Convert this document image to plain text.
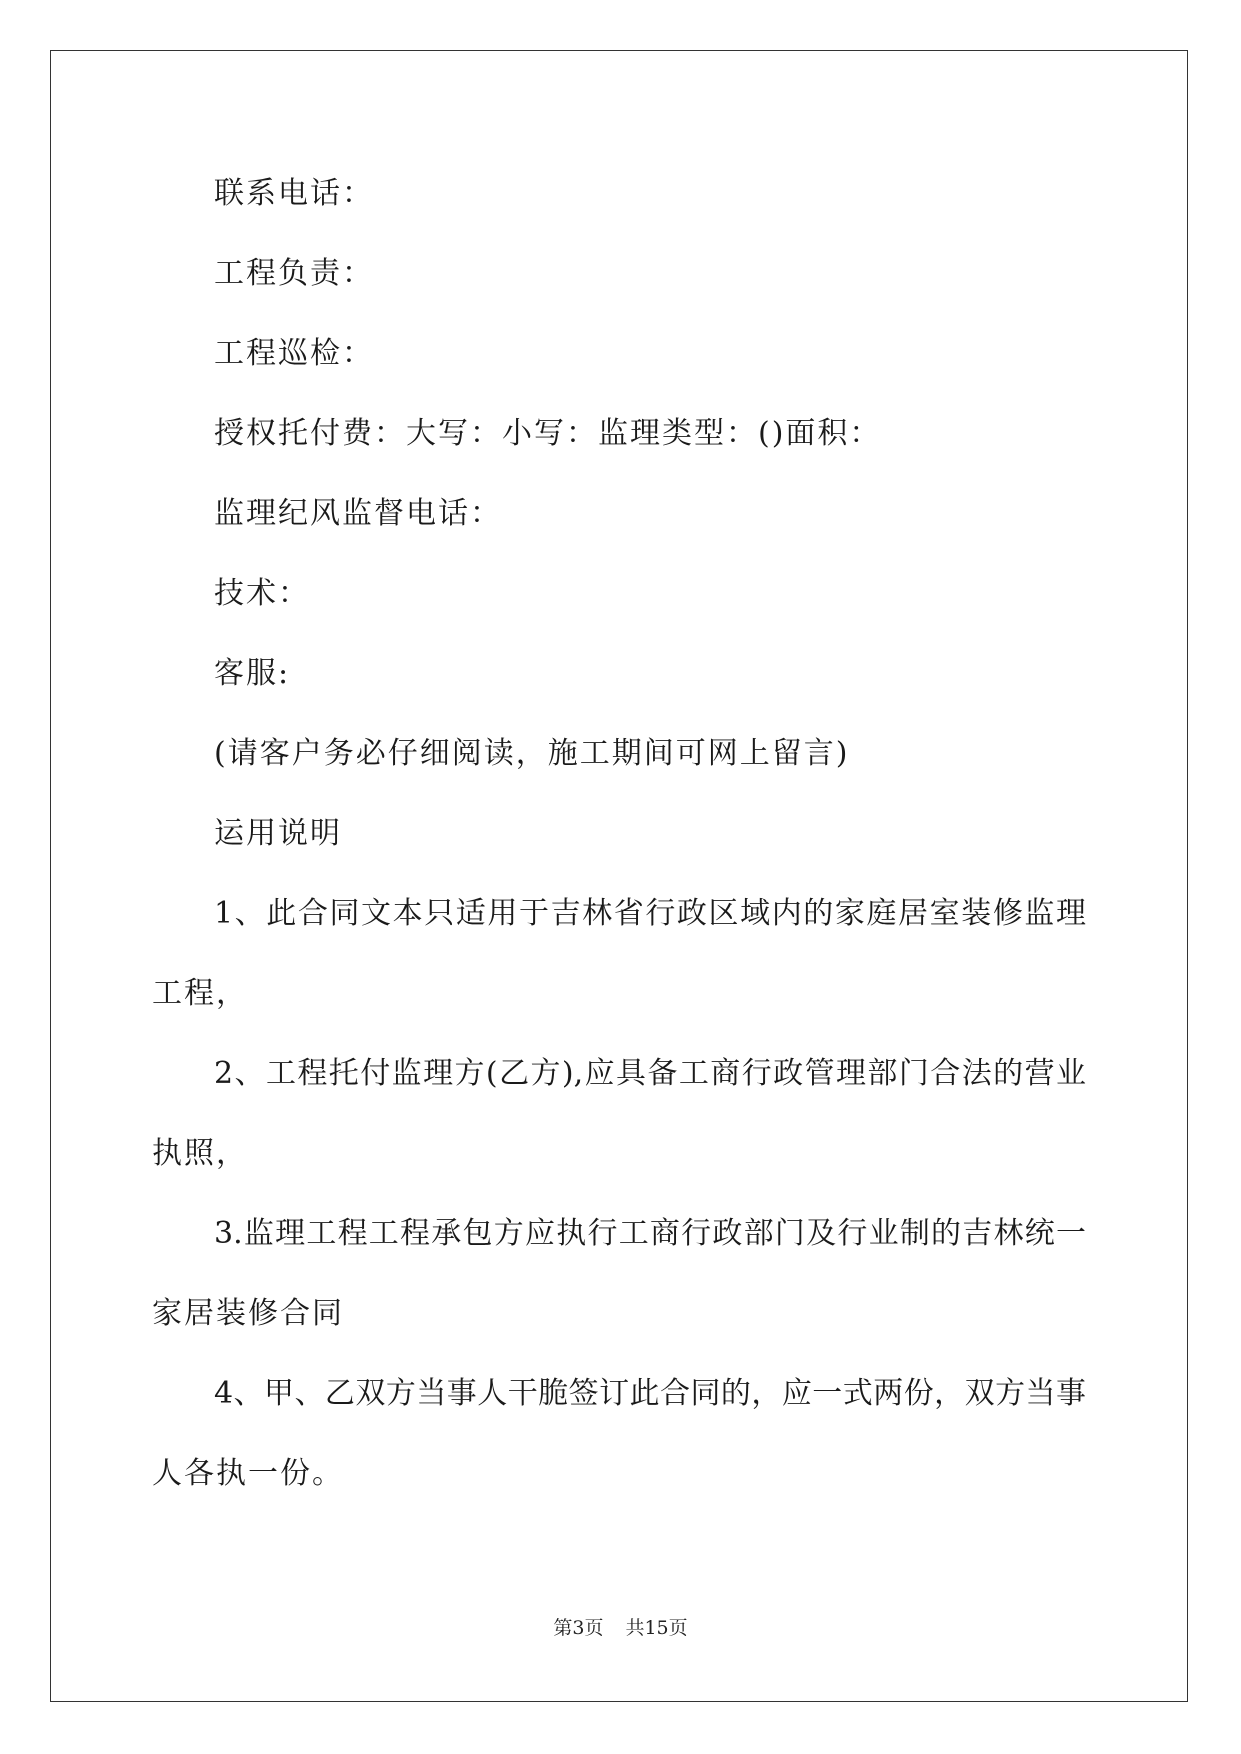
联系电话：
工程负责：
工程巡检：
授权托付费：大写：小写：监理类型：()面积：
监理纪风监督电话：
技术：
客服:
(请客户务必仔细阅读，施工期间可网上留言)
运用说明
1、此合同文本只适用于吉林省行政区域内的家庭居室装修监理
工程，
2、工程托付监理方(乙方),应具备工商行政管理部门合法的营业
执照，
3.监理工程工程承包方应执行工商行政部门及行业制的吉林统一
家居装修合同
4、甲、乙双方当事人干脆签订此合同的，应一式两份，双方当事
人各执一份。
第3页 共15页
